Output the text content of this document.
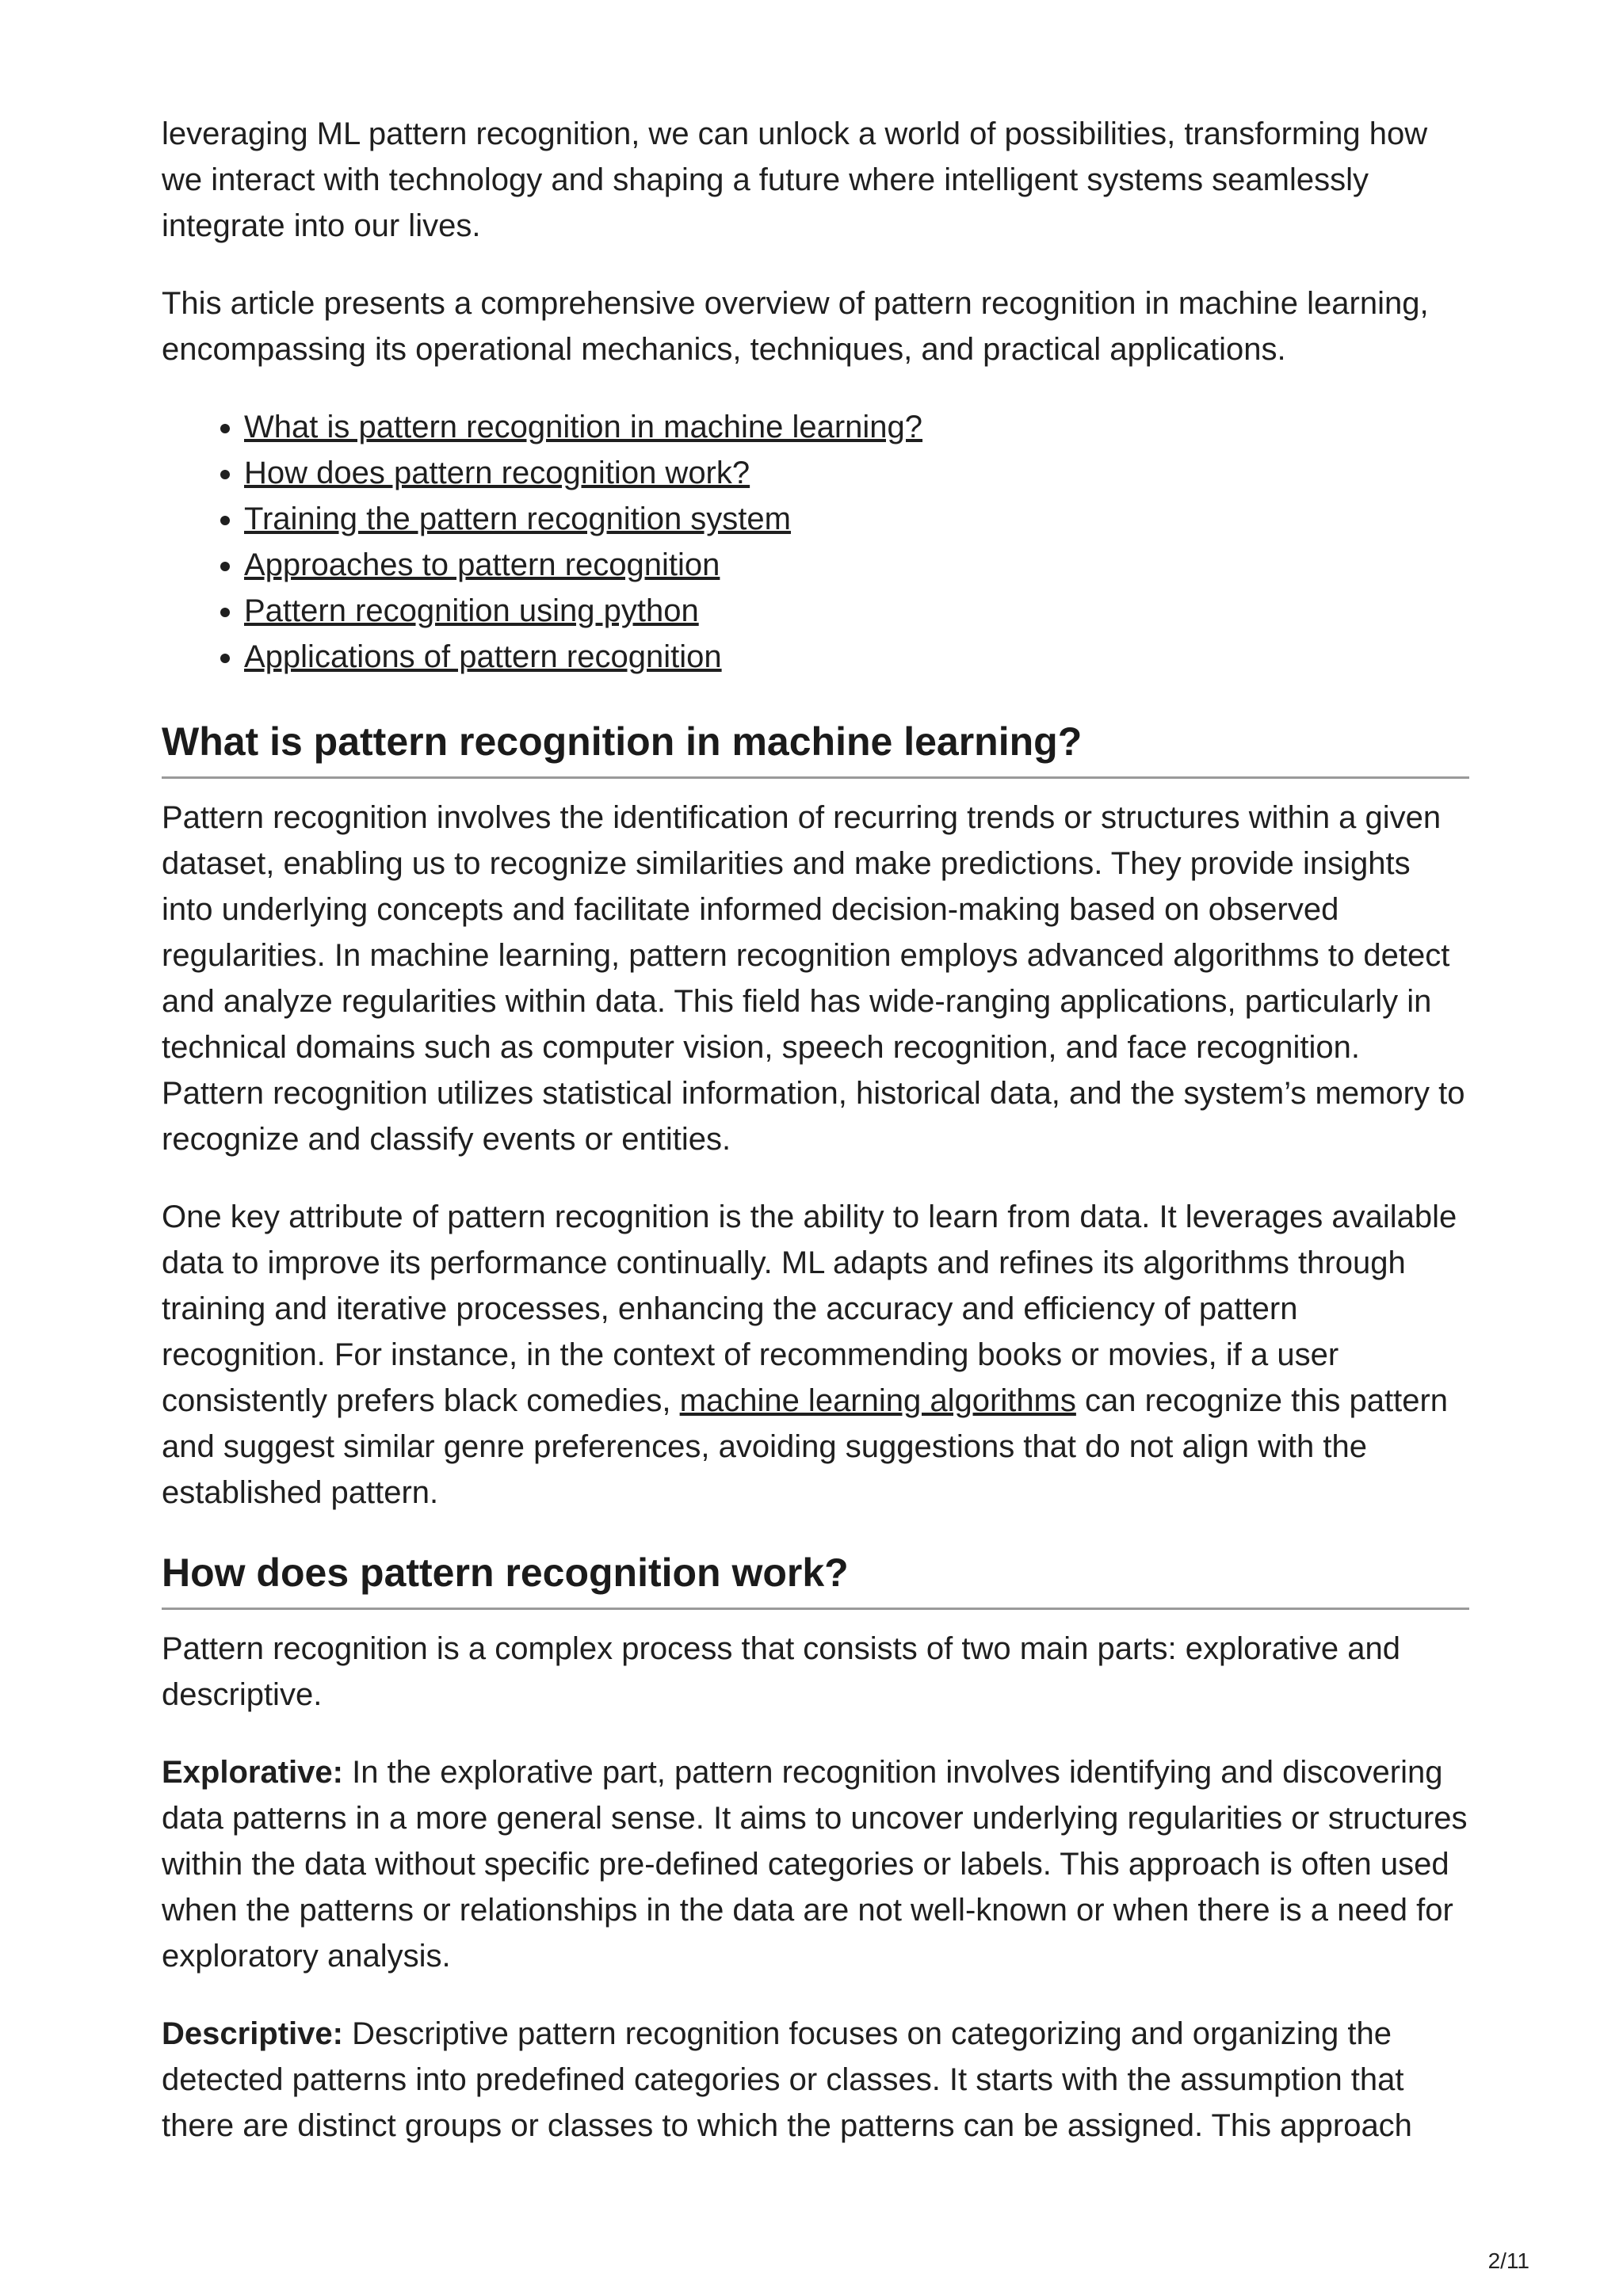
leveraging ML pattern recognition, we can unlock a world of possibilities, transforming how we interact with technology and shaping a future where intelligent systems seamlessly integrate into our lives.

This article presents a comprehensive overview of pattern recognition in machine learning, encompassing its operational mechanics, techniques, and practical applications.

• What is pattern recognition in machine learning?
• How does pattern recognition work?
• Training the pattern recognition system
• Approaches to pattern recognition
• Pattern recognition using python
• Applications of pattern recognition
What is pattern recognition in machine learning?

Pattern recognition involves the identification of recurring trends or structures within a given dataset, enabling us to recognize similarities and make predictions. They provide insights into underlying concepts and facilitate informed decision-making based on observed regularities. In machine learning, pattern recognition employs advanced algorithms to detect and analyze regularities within data. This field has wide-ranging applications, particularly in technical domains such as computer vision, speech recognition, and face recognition. Pattern recognition utilizes statistical information, historical data, and the system’s memory to recognize and classify events or entities.

One key attribute of pattern recognition is the ability to learn from data. It leverages available data to improve its performance continually. ML adapts and refines its algorithms through training and iterative processes, enhancing the accuracy and efficiency of pattern recognition. For instance, in the context of recommending books or movies, if a user consistently prefers black comedies, machine learning algorithms can recognize this pattern and suggest similar genre preferences, avoiding suggestions that do not align with the established pattern.

How does pattern recognition work?

Pattern recognition is a complex process that consists of two main parts: explorative and descriptive.

Explorative: In the explorative part, pattern recognition involves identifying and discovering data patterns in a more general sense. It aims to uncover underlying regularities or structures within the data without specific pre-defined categories or labels. This approach is often used when the patterns or relationships in the data are not well-known or when there is a need for exploratory analysis.

Descriptive: Descriptive pattern recognition focuses on categorizing and organizing the detected patterns into predefined categories or classes. It starts with the assumption that there are distinct groups or classes to which the patterns can be assigned. This approach

2/11
